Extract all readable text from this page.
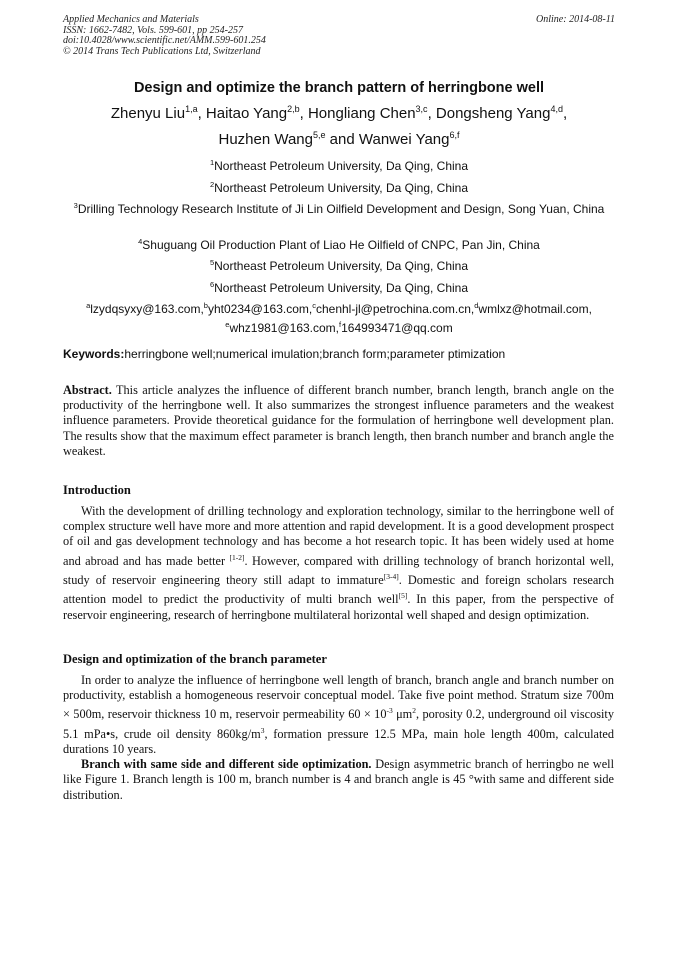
Applied Mechanics and Materials
ISSN: 1662-7482, Vols. 599-601, pp 254-257
doi:10.4028/www.scientific.net/AMM.599-601.254
© 2014 Trans Tech Publications Ltd, Switzerland
Online: 2014-08-11
Design and optimize the branch pattern of herringbone well
Zhenyu Liu$^{1,a}$, Haitao Yang$^{2,b}$, Hongliang Chen$^{3,c}$, Dongsheng Yang$^{4,d}$,
Huzhen Wang$^{5,e}$ and Wanwei Yang$^{6,f}$
$^1$Northeast Petroleum University, Da Qing, China
$^2$Northeast Petroleum University, Da Qing, China
$^3$Drilling Technology Research Institute of Ji Lin Oilfield Development and Design, Song Yuan, China
$^4$Shuguang Oil Production Plant of Liao He Oilfield of CNPC, Pan Jin, China
$^5$Northeast Petroleum University, Da Qing, China
$^6$Northeast Petroleum University, Da Qing, China
$^a$lzydqsyxy@163.com,$^b$yht0234@163.com,$^c$chenhl-jl@petrochina.com.cn,$^d$wmlxz@hotmail.com,
$^e$whz1981@163.com,$^f$164993471@qq.com
Keywords:herringbone well;numerical imulation;branch form;parameter ptimization

Abstract. This article analyzes the influence of different branch number, branch length, branch angle on the productivity of the herringbone well. It also summarizes the strongest influence parameters and the weakest influence parameters. Provide theoretical guidance for the formulation of herringbone well development plan. The results show that the maximum effect parameter is branch length, then branch number and branch angle the weakest.

Introduction

With the development of drilling technology and exploration technology, similar to the herringbone well of complex structure well have more and more attention and rapid development. It is a good development prospect of oil and gas development technology and has become a hot research topic. It has been widely used at home and abroad and has made better [1-2]. However, compared with drilling technology of branch horizontal well, study of reservoir engineering theory still adapt to immature[3-4]. Domestic and foreign scholars research attention model to predict the productivity of multi branch well[5]. In this paper, from the perspective of reservoir engineering, research of herringbone multilateral horizontal well shaped and design optimization.

Design and optimization of the branch parameter

In order to analyze the influence of herringbone well length of branch, branch angle and branch number on productivity, establish a homogeneous reservoir conceptual model. Take five point method. Stratum size 700m × 500m, reservoir thickness 10 m, reservoir permeability $60 \times 10^{-3}$ $\mu m^2$, porosity 0.2, underground oil viscosity 5.1 mPa•s, crude oil density $860kg/m^3$, formation pressure 12.5 MPa, main hole length 400m, calculated durations 10 years.

Branch with same side and different side optimization. Design asymmetric branch of herringbo ne well like Figure 1. Branch length is 100 m, branch number is 4 and branch angle is 45 °with same and different side distribution.
